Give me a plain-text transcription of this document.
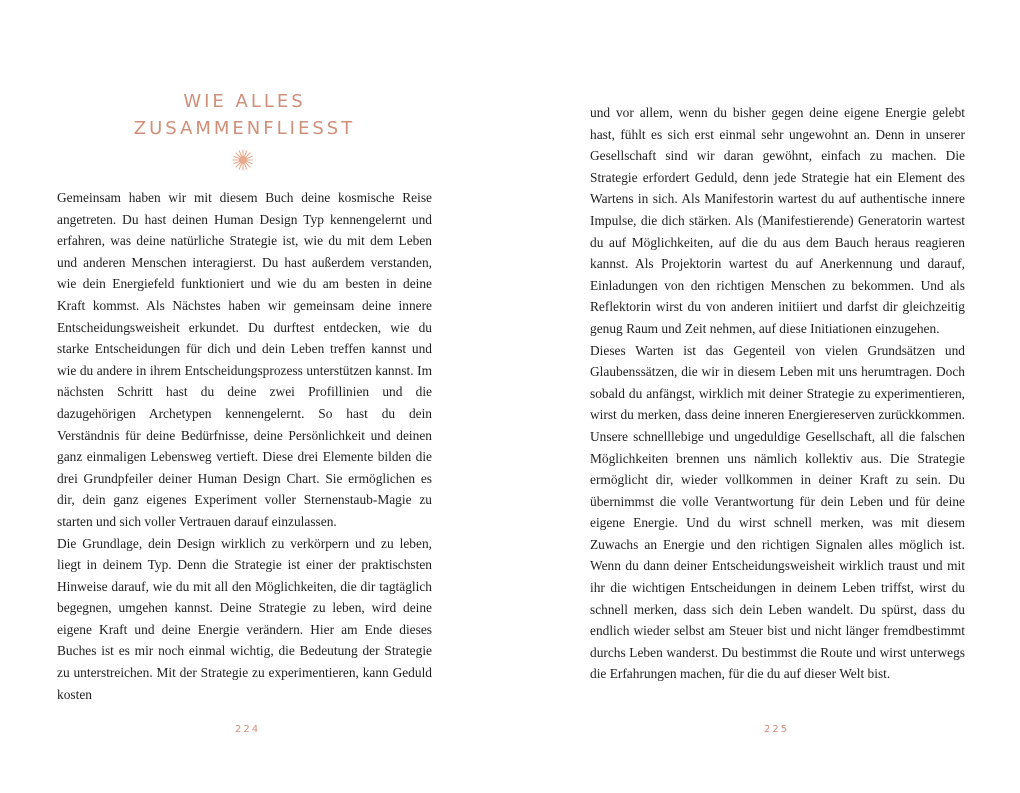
WIE ALLES
ZUSAMMENFLIESST

Gemeinsam haben wir mit diesem Buch deine kosmische Reise angetreten. Du hast deinen Human Design Typ kennengelernt und erfahren, was deine natürliche Strategie ist, wie du mit dem Leben und anderen Menschen interagierst. Du hast außerdem verstanden, wie dein Energiefeld funktioniert und wie du am besten in deine Kraft kommst. Als Nächstes haben wir gemeinsam deine innere Entscheidungsweisheit erkundet. Du durftest entdecken, wie du starke Entscheidungen für dich und dein Leben treffen kannst und wie du andere in ihrem Entscheidungsprozess unterstützen kannst. Im nächsten Schritt hast du deine zwei Profillinien und die dazugehörigen Archetypen kennengelernt. So hast du dein Verständnis für deine Bedürfnisse, deine Persönlichkeit und deinen ganz einmaligen Lebensweg vertieft. Diese drei Elemente bilden die drei Grundpfeiler deiner Human Design Chart. Sie ermöglichen es dir, dein ganz eigenes Experiment voller Sternenstaub-Magie zu starten und sich voller Vertrauen darauf einzulassen.

Die Grundlage, dein Design wirklich zu verkörpern und zu leben, liegt in deinem Typ. Denn die Strategie ist einer der praktischsten Hinweise darauf, wie du mit all den Möglichkeiten, die dir tagtäglich begegnen, umgehen kannst. Deine Strategie zu leben, wird deine eigene Kraft und deine Energie verändern. Hier am Ende dieses Buches ist es mir noch einmal wichtig, die Bedeutung der Strategie zu unterstreichen. Mit der Strategie zu experimentieren, kann Geduld kosten

224

und vor allem, wenn du bisher gegen deine eigene Energie gelebt hast, fühlt es sich erst einmal sehr ungewohnt an. Denn in unserer Gesellschaft sind wir daran gewöhnt, einfach zu machen. Die Strategie erfordert Geduld, denn jede Strategie hat ein Element des Wartens in sich. Als Manifestorin wartest du auf authentische innere Impulse, die dich stärken. Als (Manifestierende) Generatorin wartest du auf Möglichkeiten, auf die du aus dem Bauch heraus reagieren kannst. Als Projektorin wartest du auf Anerkennung und darauf, Einladungen von den richtigen Menschen zu bekommen. Und als Reflektorin wirst du von anderen initiiert und darfst dir gleichzeitig genug Raum und Zeit nehmen, auf diese Initiationen einzugehen.

Dieses Warten ist das Gegenteil von vielen Grundsätzen und Glaubenssätzen, die wir in diesem Leben mit uns herumtragen. Doch sobald du anfängst, wirklich mit deiner Strategie zu experimentieren, wirst du merken, dass deine inneren Energiereserven zurückkommen. Unsere schnelllebige und ungeduldige Gesellschaft, all die falschen Möglichkeiten brennen uns nämlich kollektiv aus. Die Strategie ermöglicht dir, wieder vollkommen in deiner Kraft zu sein. Du übernimmst die volle Verantwortung für dein Leben und für deine eigene Energie. Und du wirst schnell merken, was mit diesem Zuwachs an Energie und den richtigen Signalen alles möglich ist. Wenn du dann deiner Entscheidungsweisheit wirklich traust und mit ihr die wichtigen Entscheidungen in deinem Leben triffst, wirst du schnell merken, dass sich dein Leben wandelt. Du spürst, dass du endlich wieder selbst am Steuer bist und nicht länger fremdbestimmt durchs Leben wanderst. Du bestimmst die Route und wirst unterwegs die Erfahrungen machen, für die du auf dieser Welt bist.

225
